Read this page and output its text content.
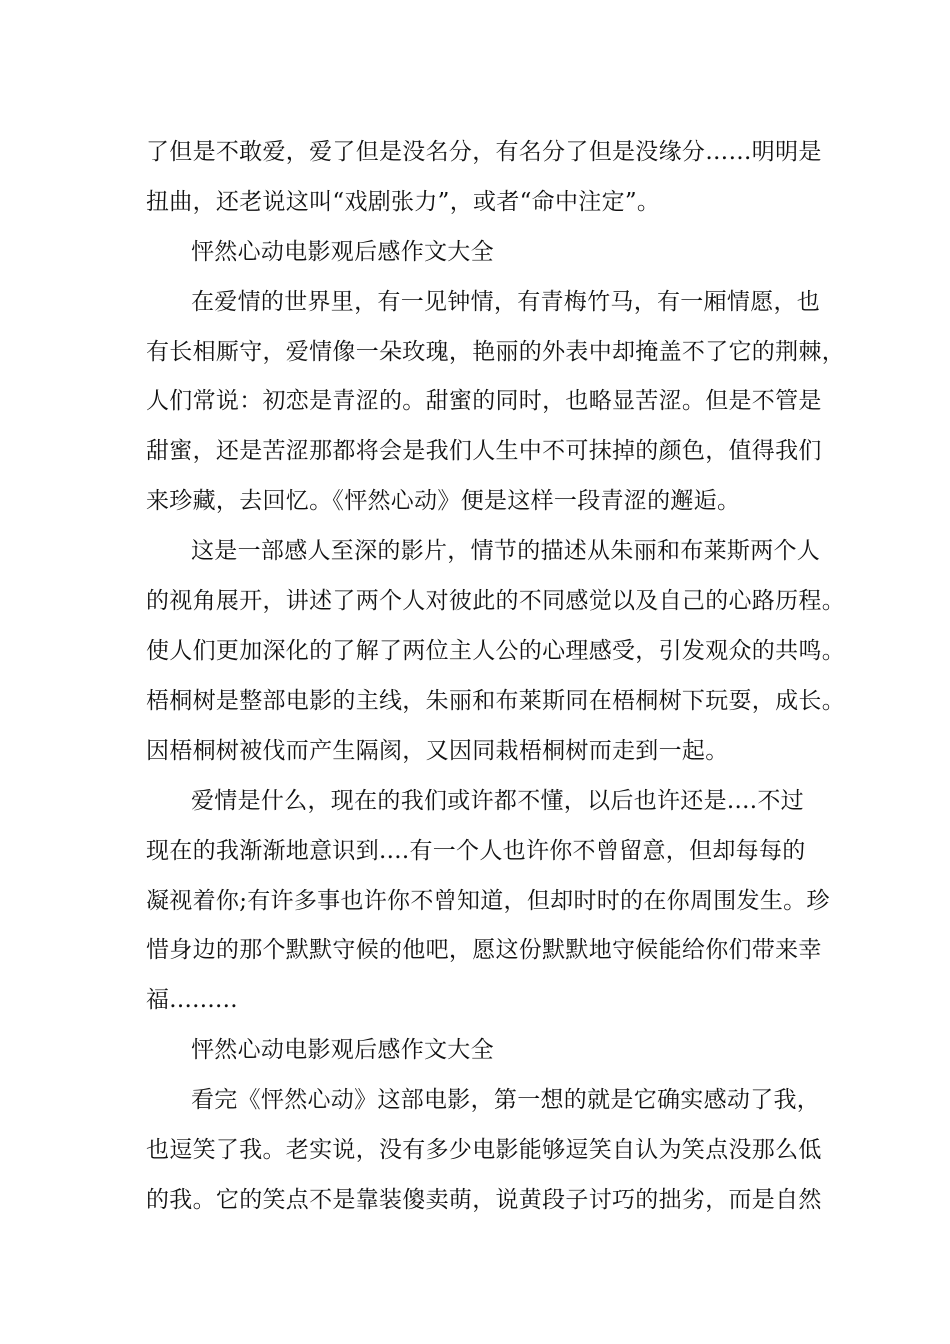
了但是不敢爱，爱了但是没名分，有名分了但是没缘分……明明是
扭曲，还老说这叫“戏剧张力”，或者“命中注定”。
怦然心动电影观后感作文大全
在爱情的世界里，有一见钟情，有青梅竹马，有一厢情愿，也
有长相厮守，爱情像一朵玫瑰，艳丽的外表中却掩盖不了它的荆棘，
人们常说：初恋是青涩的。甜蜜的同时，也略显苦涩。但是不管是
甜蜜，还是苦涩那都将会是我们人生中不可抹掉的颜色，值得我们
来珍藏，去回忆。《怦然心动》便是这样一段青涩的邂逅。
这是一部感人至深的影片，情节的描述从朱丽和布莱斯两个人
的视角展开，讲述了两个人对彼此的不同感觉以及自己的心路历程。
使人们更加深化的了解了两位主人公的心理感受，引发观众的共鸣。
梧桐树是整部电影的主线，朱丽和布莱斯同在梧桐树下玩耍，成长。
因梧桐树被伐而产生隔阂，又因同栽梧桐树而走到一起。
爱情是什么，现在的我们或许都不懂，以后也许还是....不过
现在的我渐渐地意识到....有一个人也许你不曾留意，但却每每的
凝视着你;有许多事也许你不曾知道，但却时时的在你周围发生。珍
惜身边的那个默默守候的他吧，愿这份默默地守候能给你们带来幸
福.........
怦然心动电影观后感作文大全
看完《怦然心动》这部电影，第一想的就是它确实感动了我，
也逗笑了我。老实说，没有多少电影能够逗笑自认为笑点没那么低
的我。它的笑点不是靠装傻卖萌，说黄段子讨巧的拙劣，而是自然
